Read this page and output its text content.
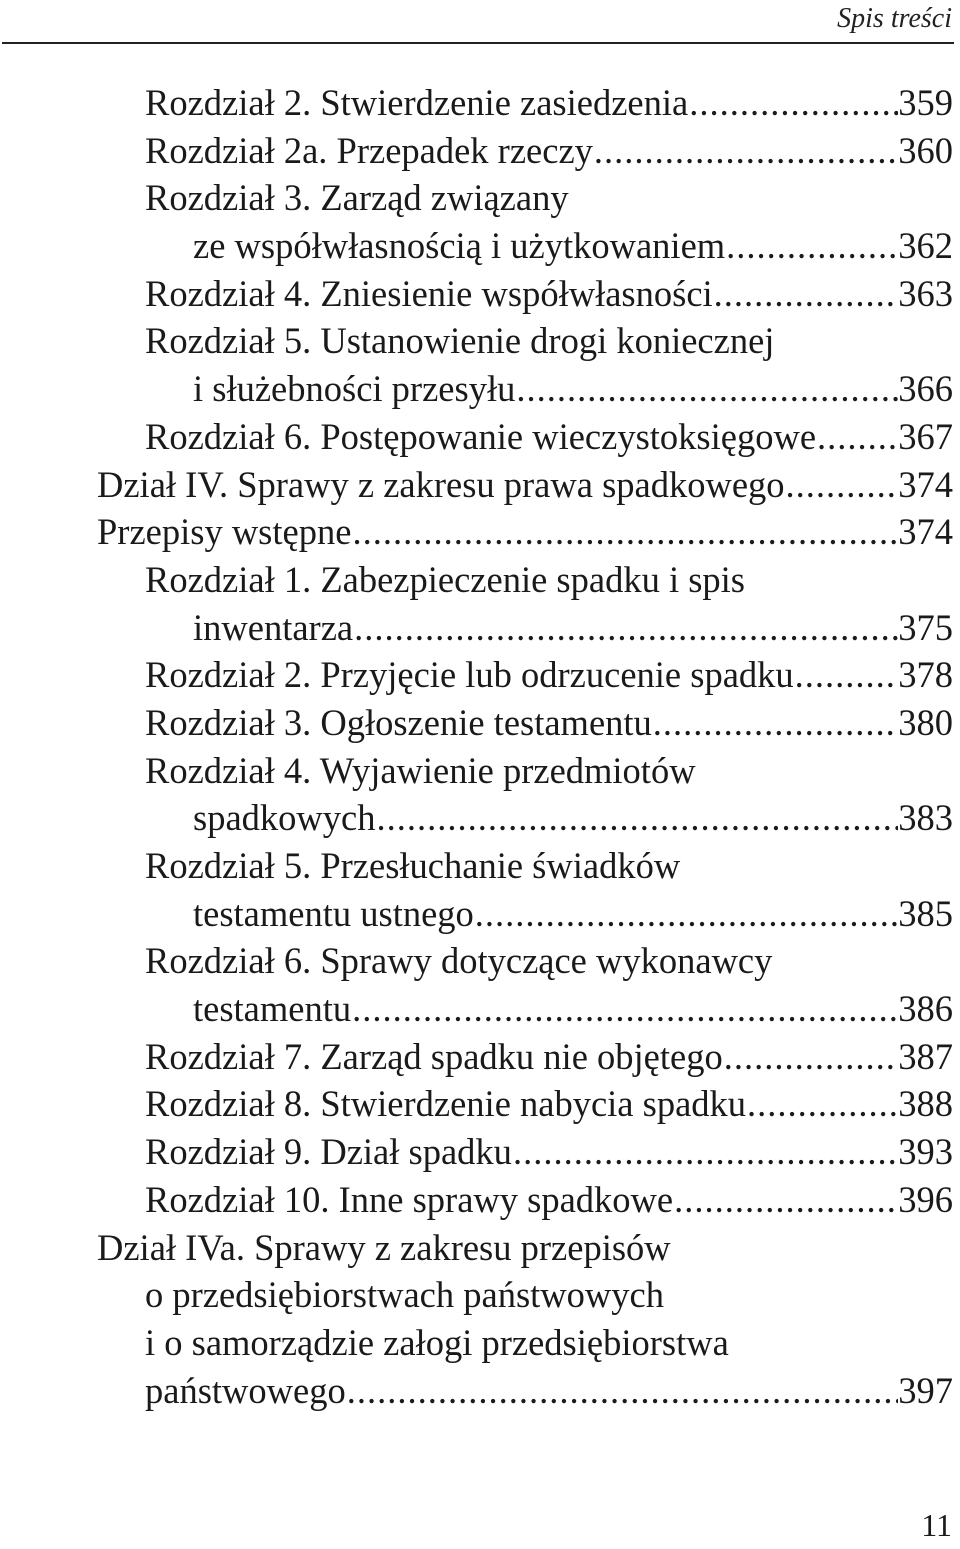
Spis treści
Rozdział 2. Stwierdzenie zasiedzenia .....	359
Rozdział 2a. Przepadek rzeczy .....	360
Rozdział 3. Zarząd związany
ze współwłasnością i użytkowaniem .....	362
Rozdział 4. Zniesienie współwłasności .....	363
Rozdział 5. Ustanowienie drogi koniecznej
i służebności przesyłu .....	366
Rozdział 6. Postępowanie wieczystoksięgowe ..... 367
Dział IV. Sprawy z zakresu prawa spadkowego .....	374
Przepisy wstępne .....	374
Rozdział 1. Zabezpieczenie spadku i spis
inwentarza .....	375
Rozdział 2. Przyjęcie lub odrzucenie spadku .....	378
Rozdział 3. Ogłoszenie testamentu .....	380
Rozdział 4. Wyjawienie przedmiotów
spadkowych .....	383
Rozdział 5. Przesłuchanie świadków
testamentu ustnego .....	385
Rozdział 6. Sprawy dotyczące wykonawcy
testamentu .....	386
Rozdział 7. Zarząd spadku nie objętego .....	387
Rozdział 8. Stwierdzenie nabycia spadku .....	388
Rozdział 9. Dział spadku .....	393
Rozdział 10. Inne sprawy spadkowe .....	396
Dział IVa. Sprawy z zakresu przepisów
o przedsiębiorstwach państwowych
i o samorządzie załogi przedsiębiorstwa
państwowego .....	397
11
